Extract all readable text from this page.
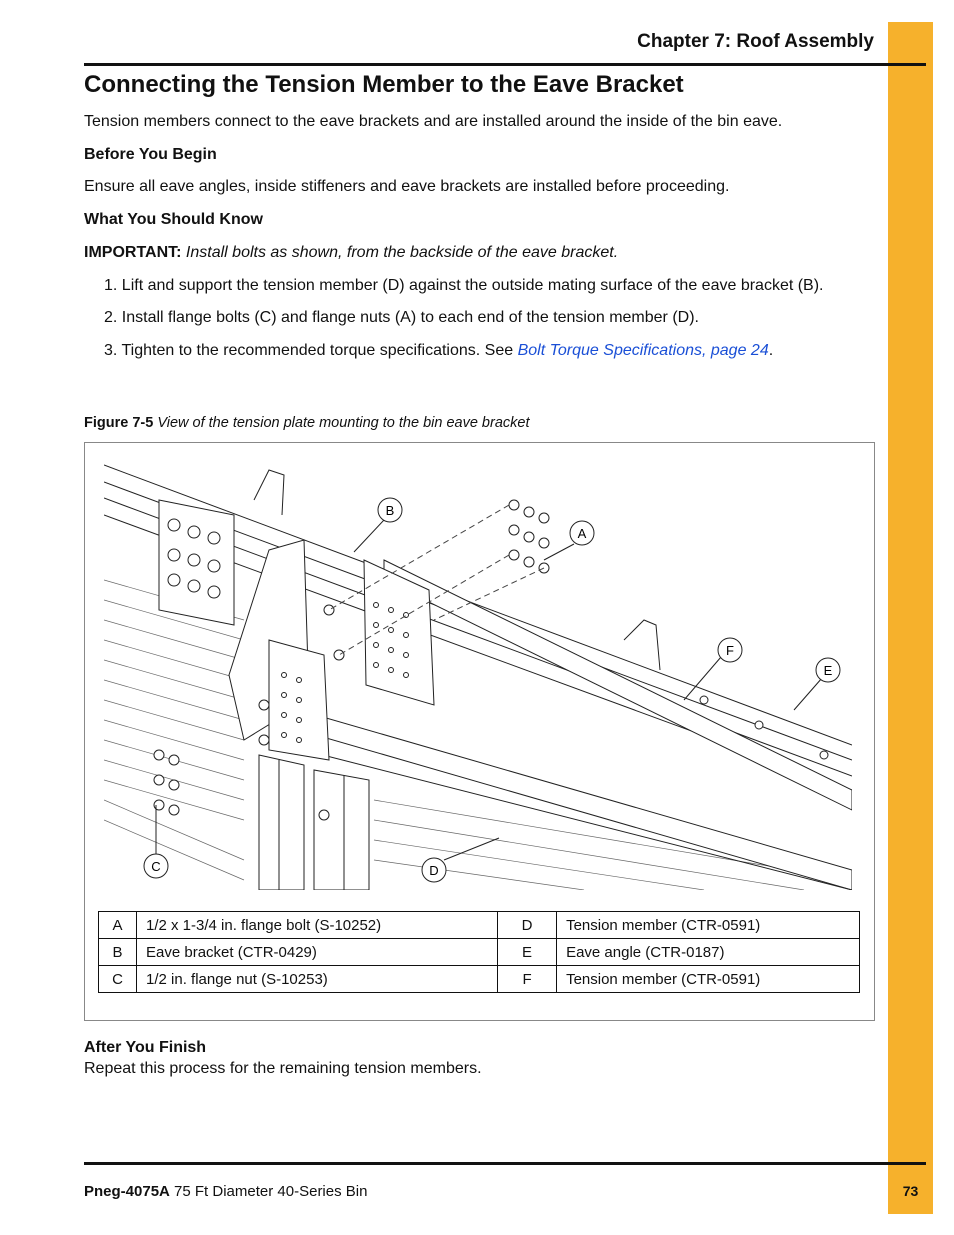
Chapter 7: Roof Assembly
Connecting the Tension Member to the Eave Bracket
Tension members connect to the eave brackets and are installed around the inside of the bin eave.
Before You Begin
Ensure all eave angles, inside stiffeners and eave brackets are installed before proceeding.
What You Should Know
IMPORTANT: Install bolts as shown, from the backside of the eave bracket.
1. Lift and support the tension member (D) against the outside mating surface of the eave bracket (B).
2. Install flange bolts (C) and flange nuts (A) to each end of the tension member (D).
3. Tighten to the recommended torque specifications. See Bolt Torque Specifications, page 24.
Figure 7-5 View of the tension plate mounting to the bin eave bracket
B
A
C	D
E
F
A	1/2 x 1-3/4 in. flange bolt (S-10252)	D	Tension member (CTR-0591)
B	Eave bracket (CTR-0429)	E	Eave angle (CTR-0187)
C	1/2 in. flange nut (S-10253)	F	Tension member (CTR-0591)
After You Finish
Repeat this process for the remaining tension members.
Pneg-4075A 75 Ft Diameter 40-Series Bin	73
